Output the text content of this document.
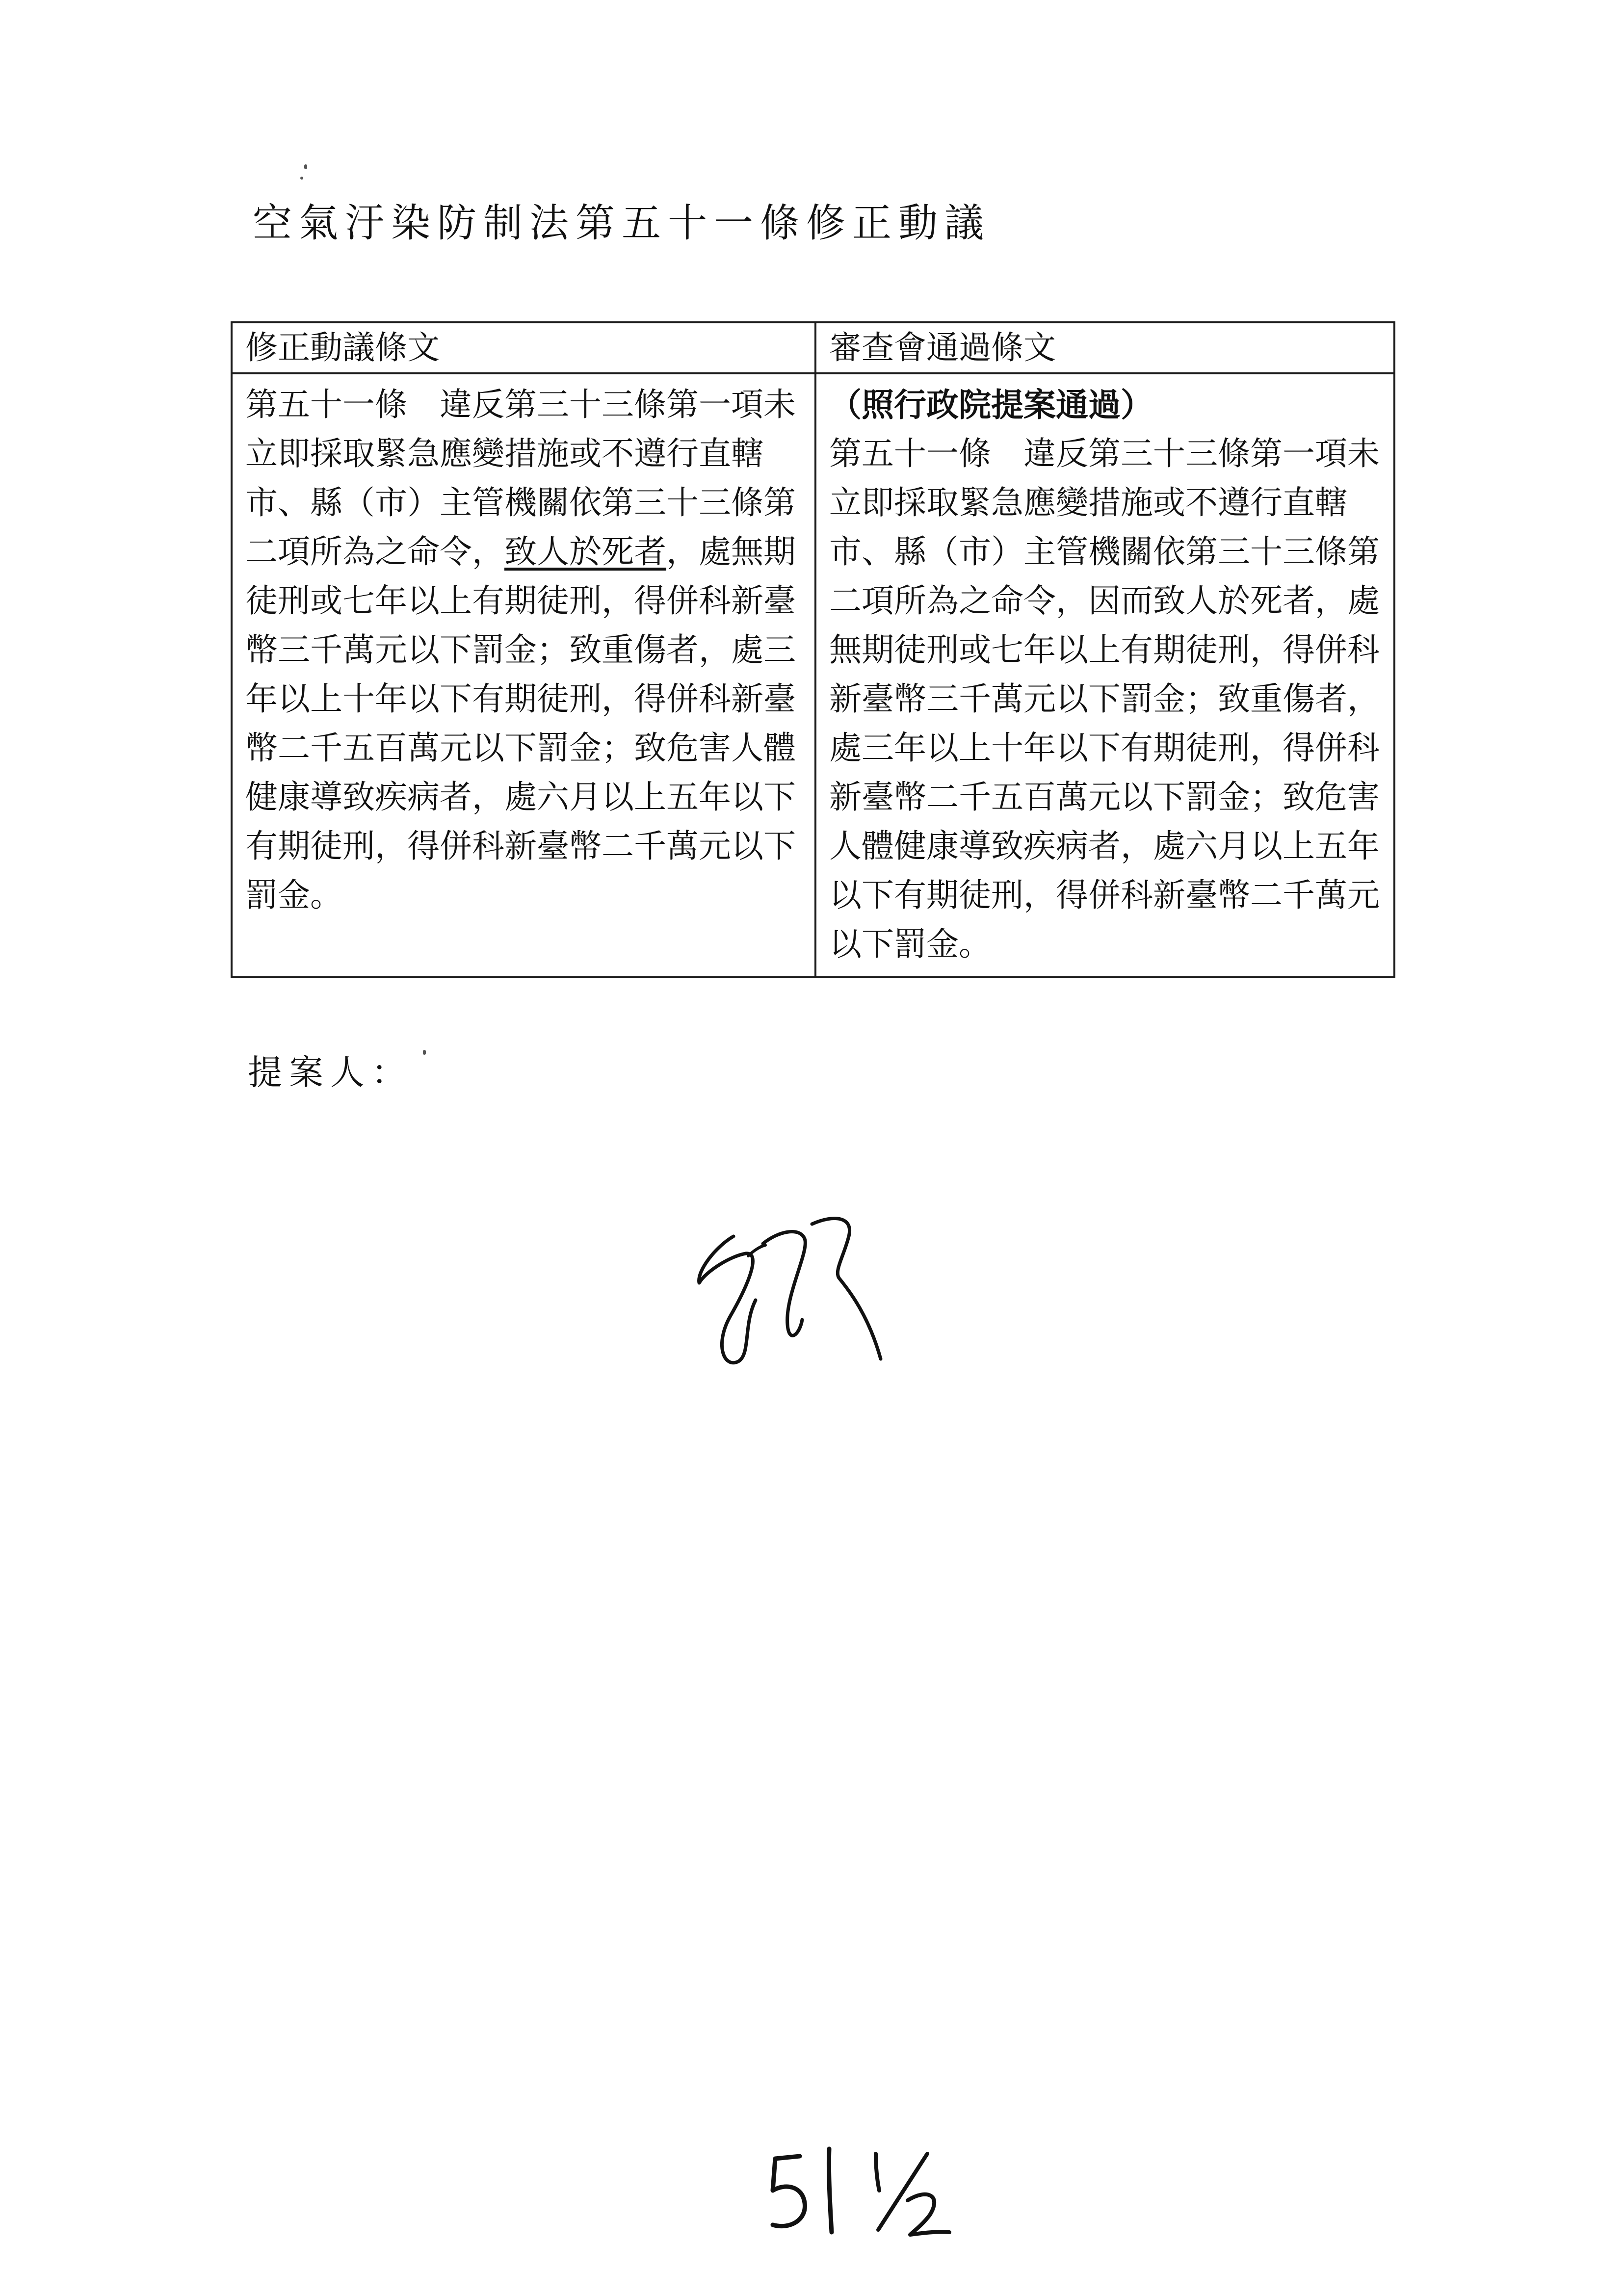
空氣汙染防制法第五十一條修正動議
修正動議條文	審查會通過條文
第五十一條　違反第三十三條第一項未立即採取緊急應變措施或不遵行直轄市、縣（市）主管機關依第三十三條第二項所為之命令，致人於死者，處無期徒刑或七年以上有期徒刑，得併科新臺幣三千萬元以下罰金；致重傷者，處三年以上十年以下有期徒刑，得併科新臺幣二千五百萬元以下罰金；致危害人體健康導致疾病者，處六月以上五年以下有期徒刑，得併科新臺幣二千萬元以下罰金。	（照行政院提案通過）
第五十一條　違反第三十三條第一項未立即採取緊急應變措施或不遵行直轄市、縣（市）主管機關依第三十三條第二項所為之命令，因而致人於死者，處無期徒刑或七年以上有期徒刑，得併科新臺幣三千萬元以下罰金；致重傷者，處三年以上十年以下有期徒刑，得併科新臺幣二千五百萬元以下罰金；致危害人體健康導致疾病者，處六月以上五年以下有期徒刑，得併科新臺幣二千萬元以下罰金。
提案人：
